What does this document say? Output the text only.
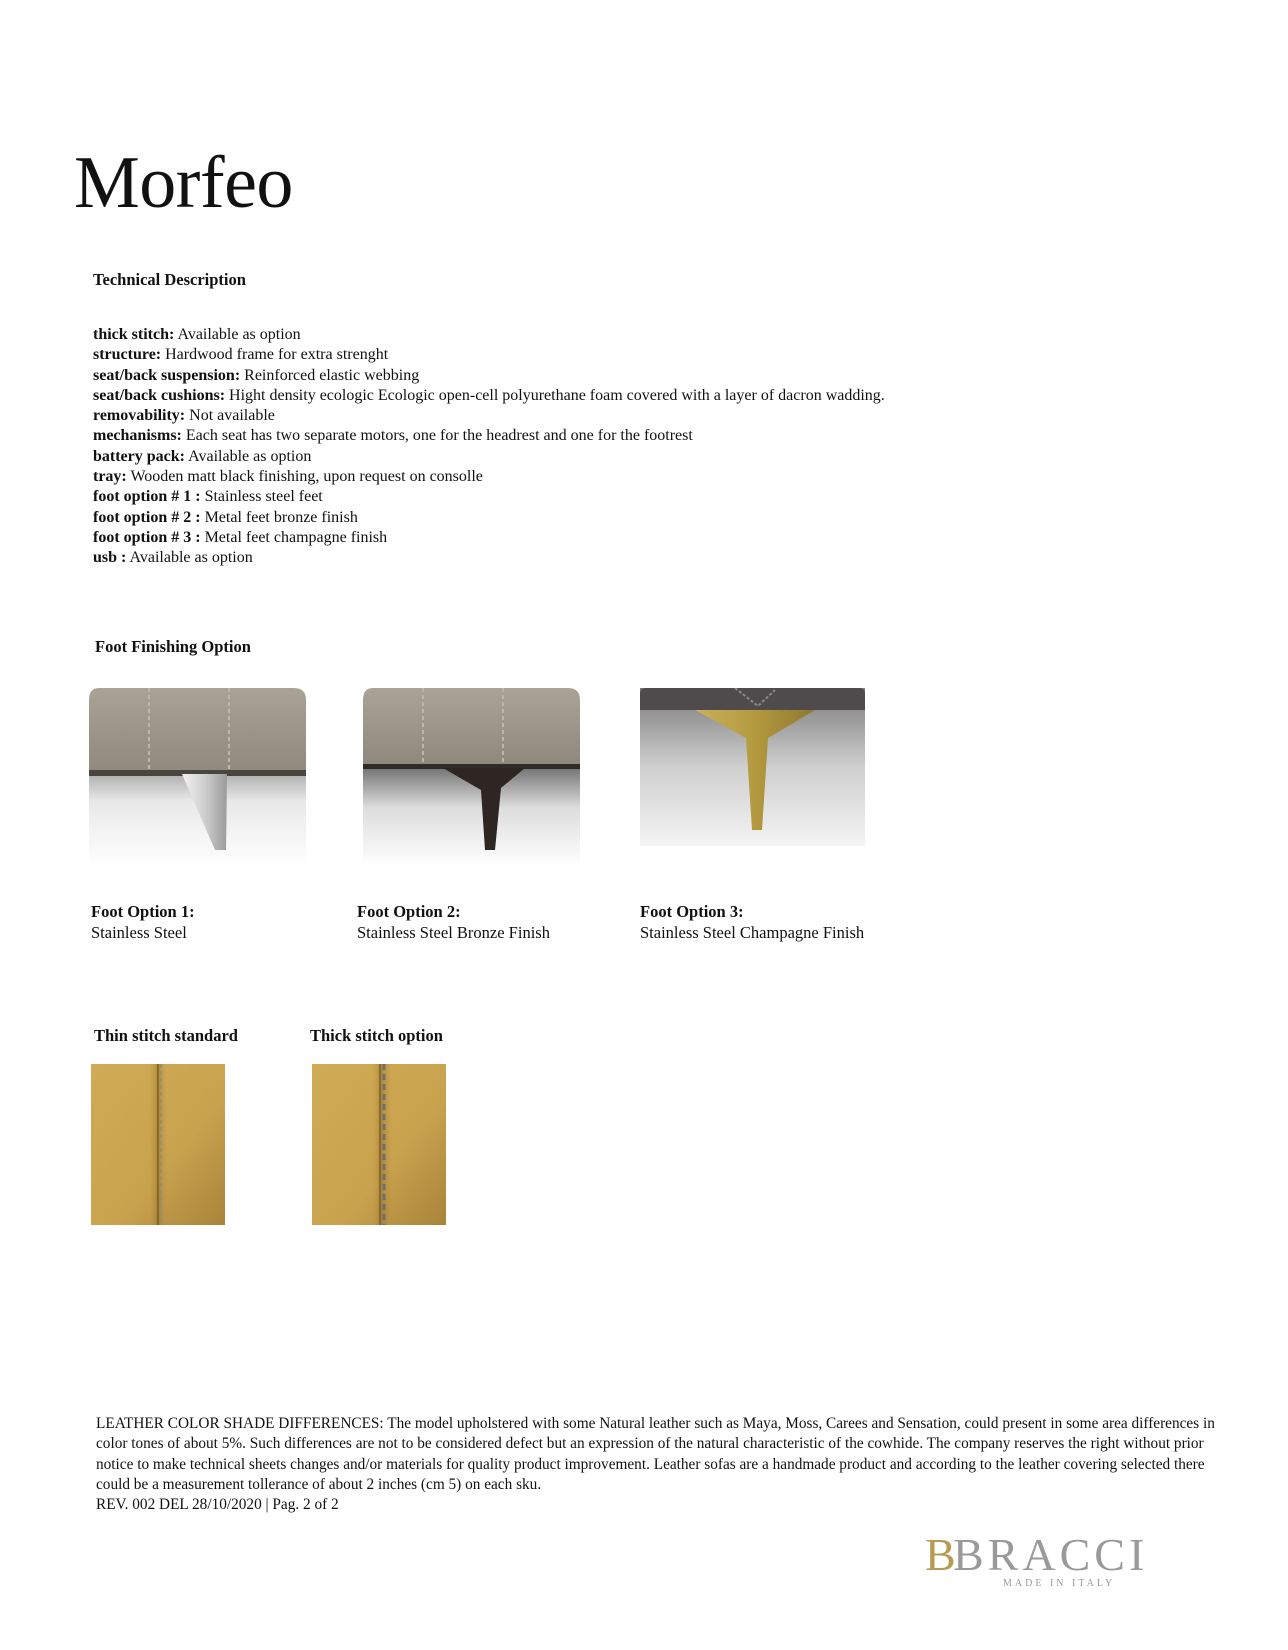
Morfeo
Technical Description
thick stitch: Available as option
structure: Hardwood frame for extra strenght
seat/back suspension: Reinforced elastic webbing
seat/back cushions: Hight density ecologic Ecologic open-cell polyurethane foam covered with a layer of dacron wadding.
removability: Not available
mechanisms: Each seat has two separate motors, one for the headrest and one for the footrest
battery pack: Available as option
tray: Wooden matt black finishing, upon request on consolle
foot option # 1 : Stainless steel feet
foot option # 2 : Metal feet bronze finish
foot option # 3 : Metal feet champagne finish
usb : Available as option
Foot Finishing Option
Foot Option 1:
Stainless Steel
Foot Option 2:
Stainless Steel Bronze Finish
Foot Option 3:
Stainless Steel Champagne Finish
Thin stitch standard	Thick stitch option
LEATHER COLOR SHADE DIFFERENCES: The model upholstered with some Natural leather such as Maya, Moss, Carees and Sensation, could present in some area differences in color tones of about 5%. Such differences are not to be considered defect but an expression of the natural characteristic of the cowhide. The company reserves the right without prior notice to make technical sheets changes and/or materials for quality product improvement. Leather sofas are a handmade product and according to the leather covering selected there could be a measurement tollerance of about 2 inches (cm 5) on each sku.
REV. 002 DEL 28/10/2020 | Pag. 2 of 2
B
BRACCI
MADE IN ITALY
